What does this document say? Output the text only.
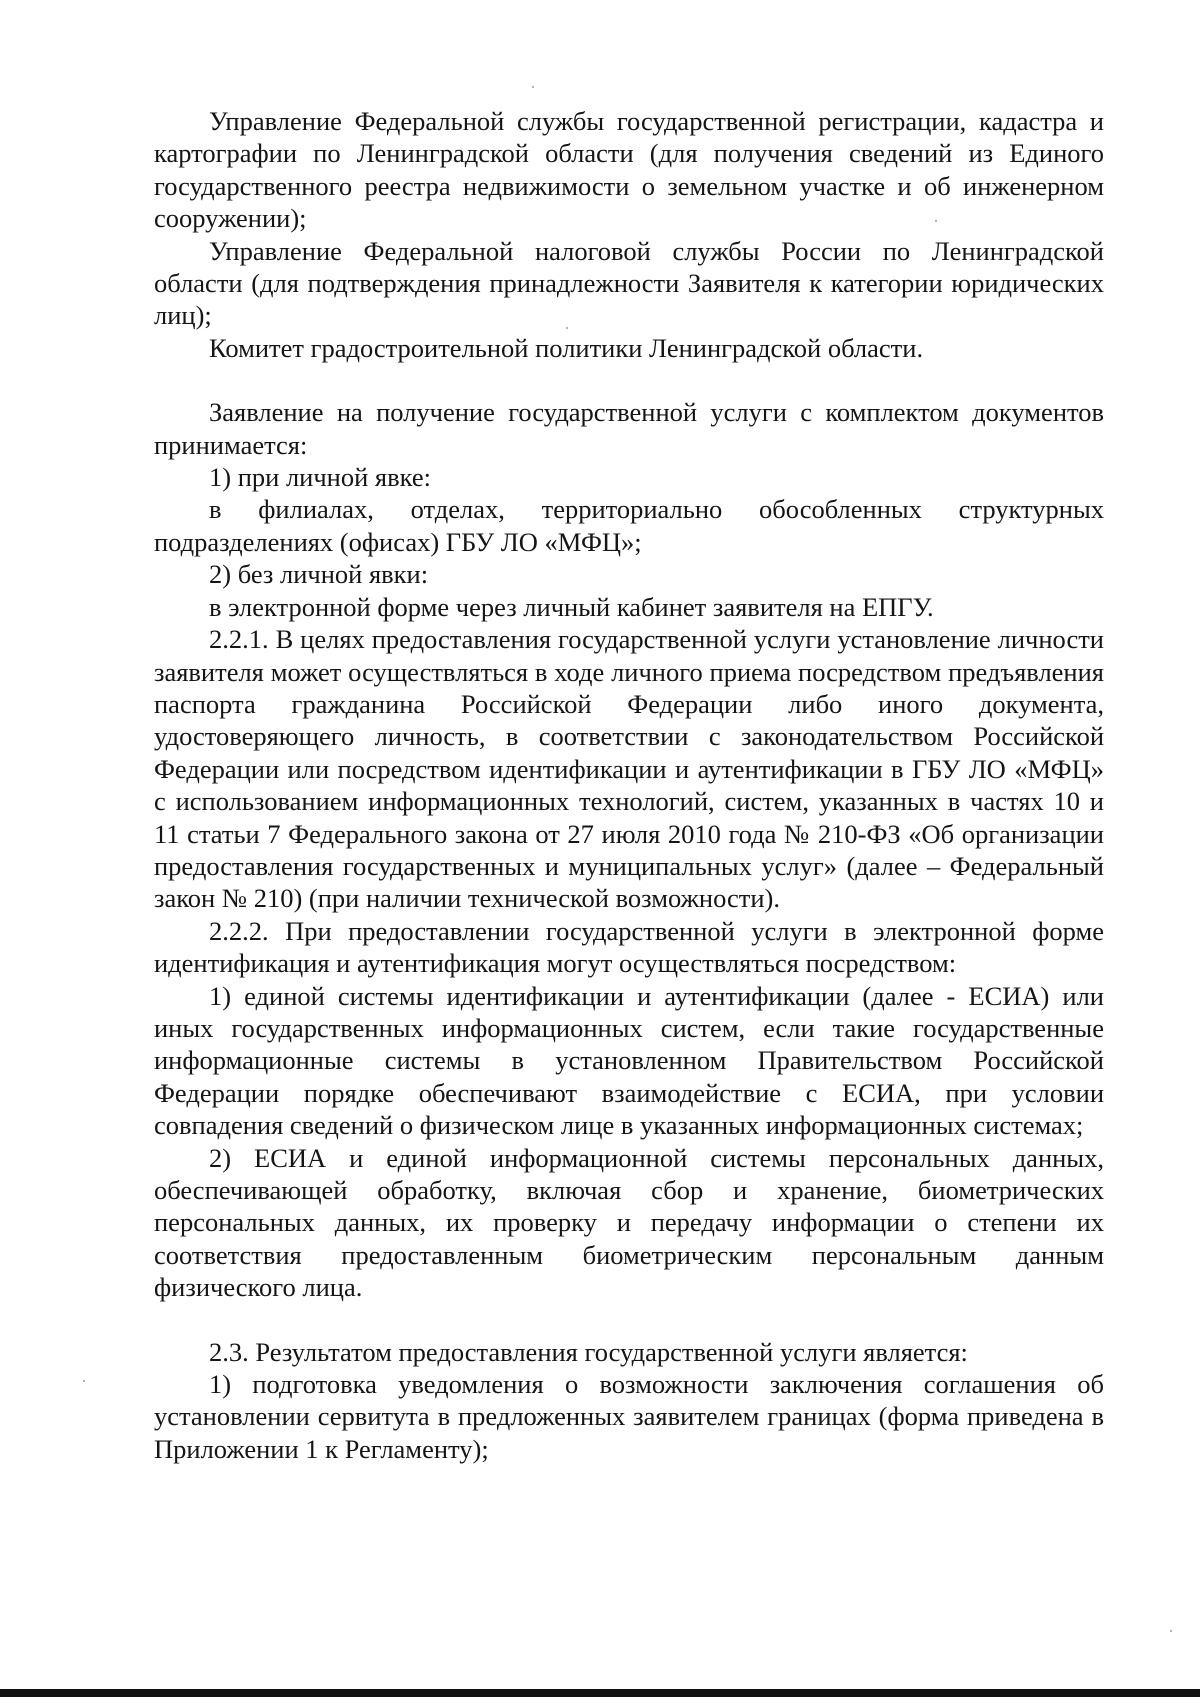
Управление Федеральной службы государственной регистрации, кадастра и картографии по Ленинградской области (для получения сведений из Единого государственного реестра недвижимости о земельном участке и об инженерном сооружении);

Управление Федеральной налоговой службы России по Ленинградской области (для подтверждения принадлежности Заявителя к категории юридических лиц);

Комитет градостроительной политики Ленинградской области.

Заявление на получение государственной услуги с комплектом документов принимается:

1) при личной явке:

в филиалах, отделах, территориально обособленных структурных подразделениях (офисах) ГБУ ЛО «МФЦ»;

2) без личной явки:

в электронной форме через личный кабинет заявителя на ЕПГУ.

2.2.1. В целях предоставления государственной услуги установление личности заявителя может осуществляться в ходе личного приема посредством предъявления паспорта гражданина Российской Федерации либо иного документа, удостоверяющего личность, в соответствии с законодательством Российской Федерации или посредством идентификации и аутентификации в ГБУ ЛО «МФЦ» с использованием информационных технологий, систем, указанных в частях 10 и 11 статьи 7 Федерального закона от 27 июля 2010 года № 210-ФЗ «Об организации предоставления государственных и муниципальных услуг» (далее – Федеральный закон № 210) (при наличии технической возможности).

2.2.2. При предоставлении государственной услуги в электронной форме идентификация и аутентификация могут осуществляться посредством:

1) единой системы идентификации и аутентификации (далее - ЕСИА) или иных государственных информационных систем, если такие государственные информационные системы в установленном Правительством Российской Федерации порядке обеспечивают взаимодействие с ЕСИА, при условии совпадения сведений о физическом лице в указанных информационных системах;

2) ЕСИА и единой информационной системы персональных данных, обеспечивающей обработку, включая сбор и хранение, биометрических персональных данных, их проверку и передачу информации о степени их соответствия предоставленным биометрическим персональным данным физического лица.

2.3. Результатом предоставления государственной услуги является:

1) подготовка уведомления о возможности заключения соглашения об установлении сервитута в предложенных заявителем границах (форма приведена в Приложении 1 к Регламенту);
